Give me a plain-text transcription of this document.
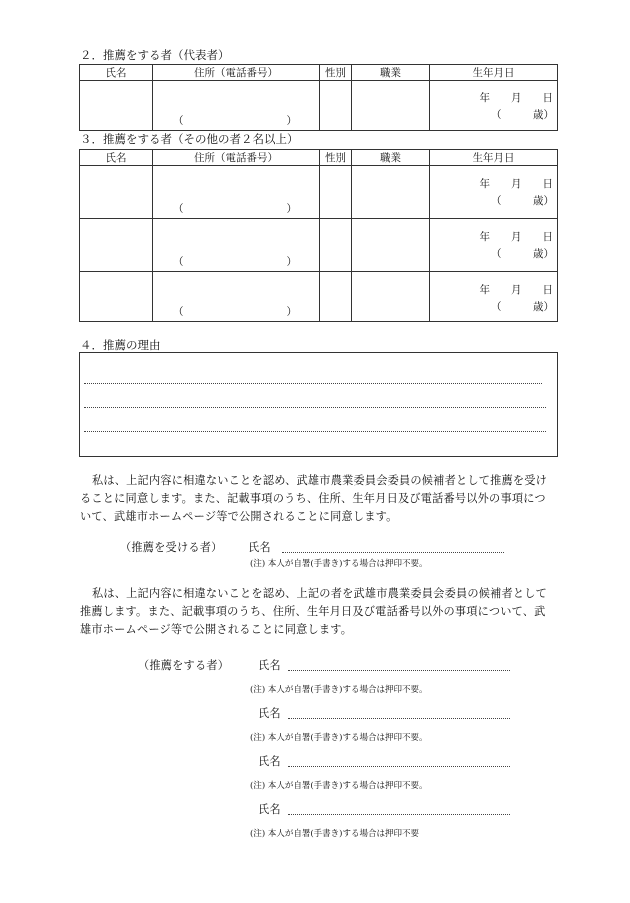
２．推薦をする者（代表者）
氏名	住所（電話番号）	性別	職業	生年月日

	（ ）			年　　月　　日
（　　　歳）
３．推薦をする者（その他の者２名以上）
氏名	住所（電話番号）	性別	職業	生年月日

	（ ）			年　　月　　日
（　　　歳）

	（ ）			年　　月　　日
（　　　歳）

	（ ）			年　　月　　日
（　　　歳）
４．推薦の理由
私は、上記内容に相違ないことを認め、武雄市農業委員会委員の候補者として推薦を受けることに同意します。また、記載事項のうち、住所、生年月日及び電話番号以外の事項について、武雄市ホームページ等で公開されることに同意します。
（推薦を受ける者） 氏名
(注) 本人が自署(手書き)する場合は押印不要。
私は、上記内容に相違ないことを認め、上記の者を武雄市農業委員会委員の候補者として推薦します。また、記載事項のうち、住所、生年月日及び電話番号以外の事項について、武雄市ホームページ等で公開されることに同意します。
（推薦をする者）	氏名
(注) 本人が自署(手書き)する場合は押印不要。
氏名
(注) 本人が自署(手書き)する場合は押印不要。
氏名
(注) 本人が自署(手書き)する場合は押印不要。
氏名
(注) 本人が自署(手書き)する場合は押印不要
